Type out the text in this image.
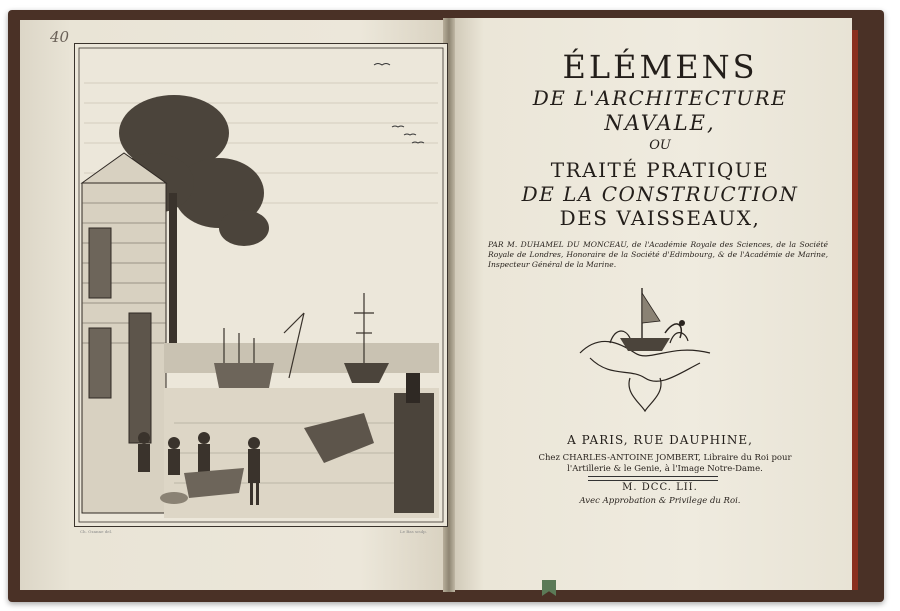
40
Ch. Ozanne del.	Le Bas sculp.
ÉLÉMENS
DE L'ARCHITECTURE
NAVALE,
OU
TRAITÉ PRATIQUE
DE LA CONSTRUCTION
DES VAISSEAUX,
PAR M. DUHAMEL DU MONCEAU, de l'Académie Royale des Sciences, de la Société Royale de Londres, Honoraire de la Société d'Edimbourg, & de l'Académie de Marine, Inspecteur Général de la Marine.
A PARIS, RUE DAUPHINE,
Chez CHARLES-ANTOINE JOMBERT, Libraire du Roi pour
l'Artillerie & le Genie, à l'Image Notre-Dame.
M. DCC. LII.
Avec Approbation & Privilege du Roi.
